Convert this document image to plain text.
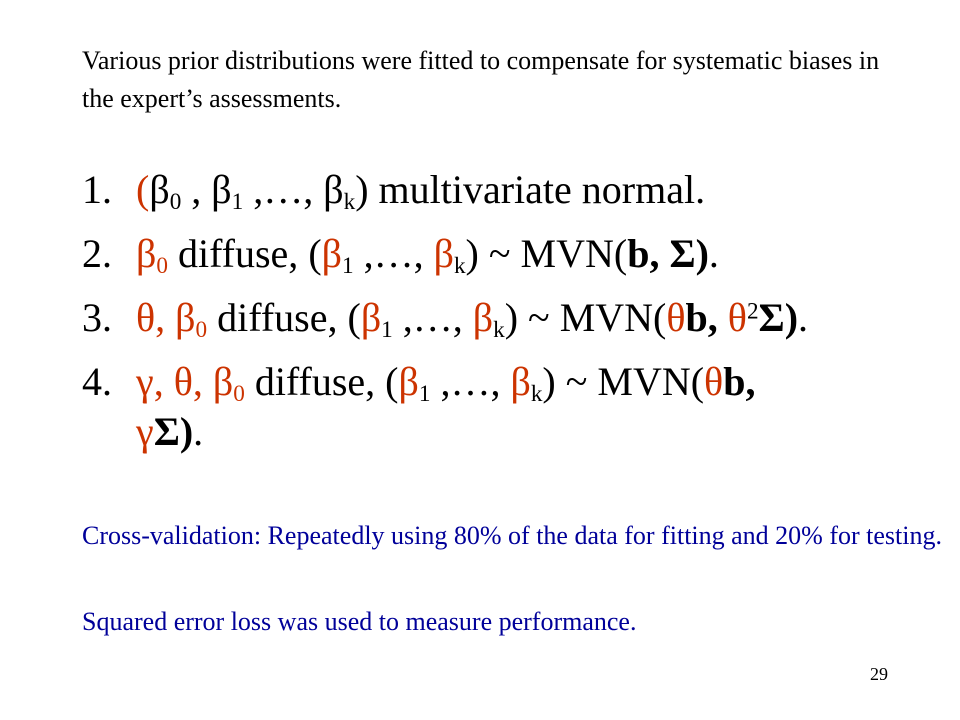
Various prior distributions were fitted to compensate for systematic biases in the expert’s assessments.

1. ($\beta_0$ , $\beta_1$ ,…, $\beta_k$) multivariate normal.
2. $\beta_0$ diffuse, ($\beta_1$ ,…, $\beta_k$) ~ MVN(b, Σ).
3. θ, $\beta_0$ diffuse, ($\beta_1$ ,…, $\beta_k$) ~ MVN(θb, $\theta^2\Sigma$).
4. γ, θ, $\beta_0$ diffuse, ($\beta_1$ ,…, $\beta_k$) ~ MVN(θb,
γΣ).

Cross-validation: Repeatedly using 80% of the data for fitting and 20% for testing.

Squared error loss was used to measure performance.

29
